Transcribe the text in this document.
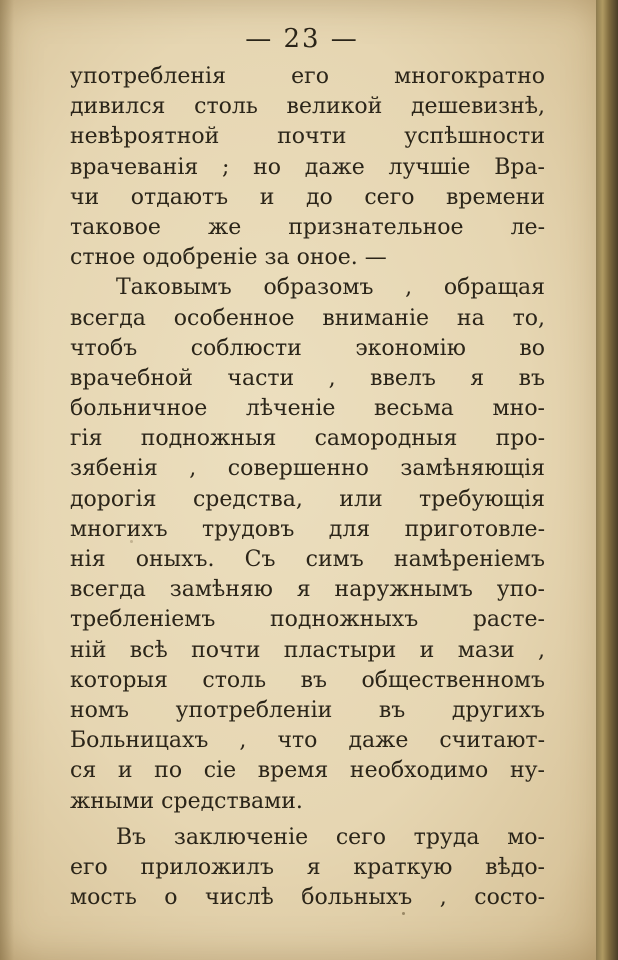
— 23 —
употребленія его многократно
дивился столь великой дешевизнѣ,
невѣроятной почти успѣшности
врачеванія ; но даже лучшіе Вра-
чи отдаютъ и до сего времени
таковое же признательное ле-
стное одобреніе за оное. —
Таковымъ образомъ , обращая
всегда особенное вниманіе на то,
чтобъ соблюсти экономію во
врачебной части , ввелъ я въ
больничное лѣченіе весьма мно-
гія подножныя самородныя про-
зябенія , совершенно замѣняющія
дорогія средства, или требующія
многихъ трудовъ для приготовле-
нія оныхъ. Съ симъ намѣреніемъ
всегда замѣняю я наружнымъ упо-
требленіемъ подножныхъ расте-
ній всѣ почти пластыри и мази ,
которыя столь въ общественномъ
номъ употребленіи въ другихъ
Больницахъ , что даже считают-
ся и по сіе время необходимо ну-
жными средствами.
Въ заключеніе сего труда мо-
его приложилъ я краткую вѣдо-
мость о числѣ больныхъ , состо-
